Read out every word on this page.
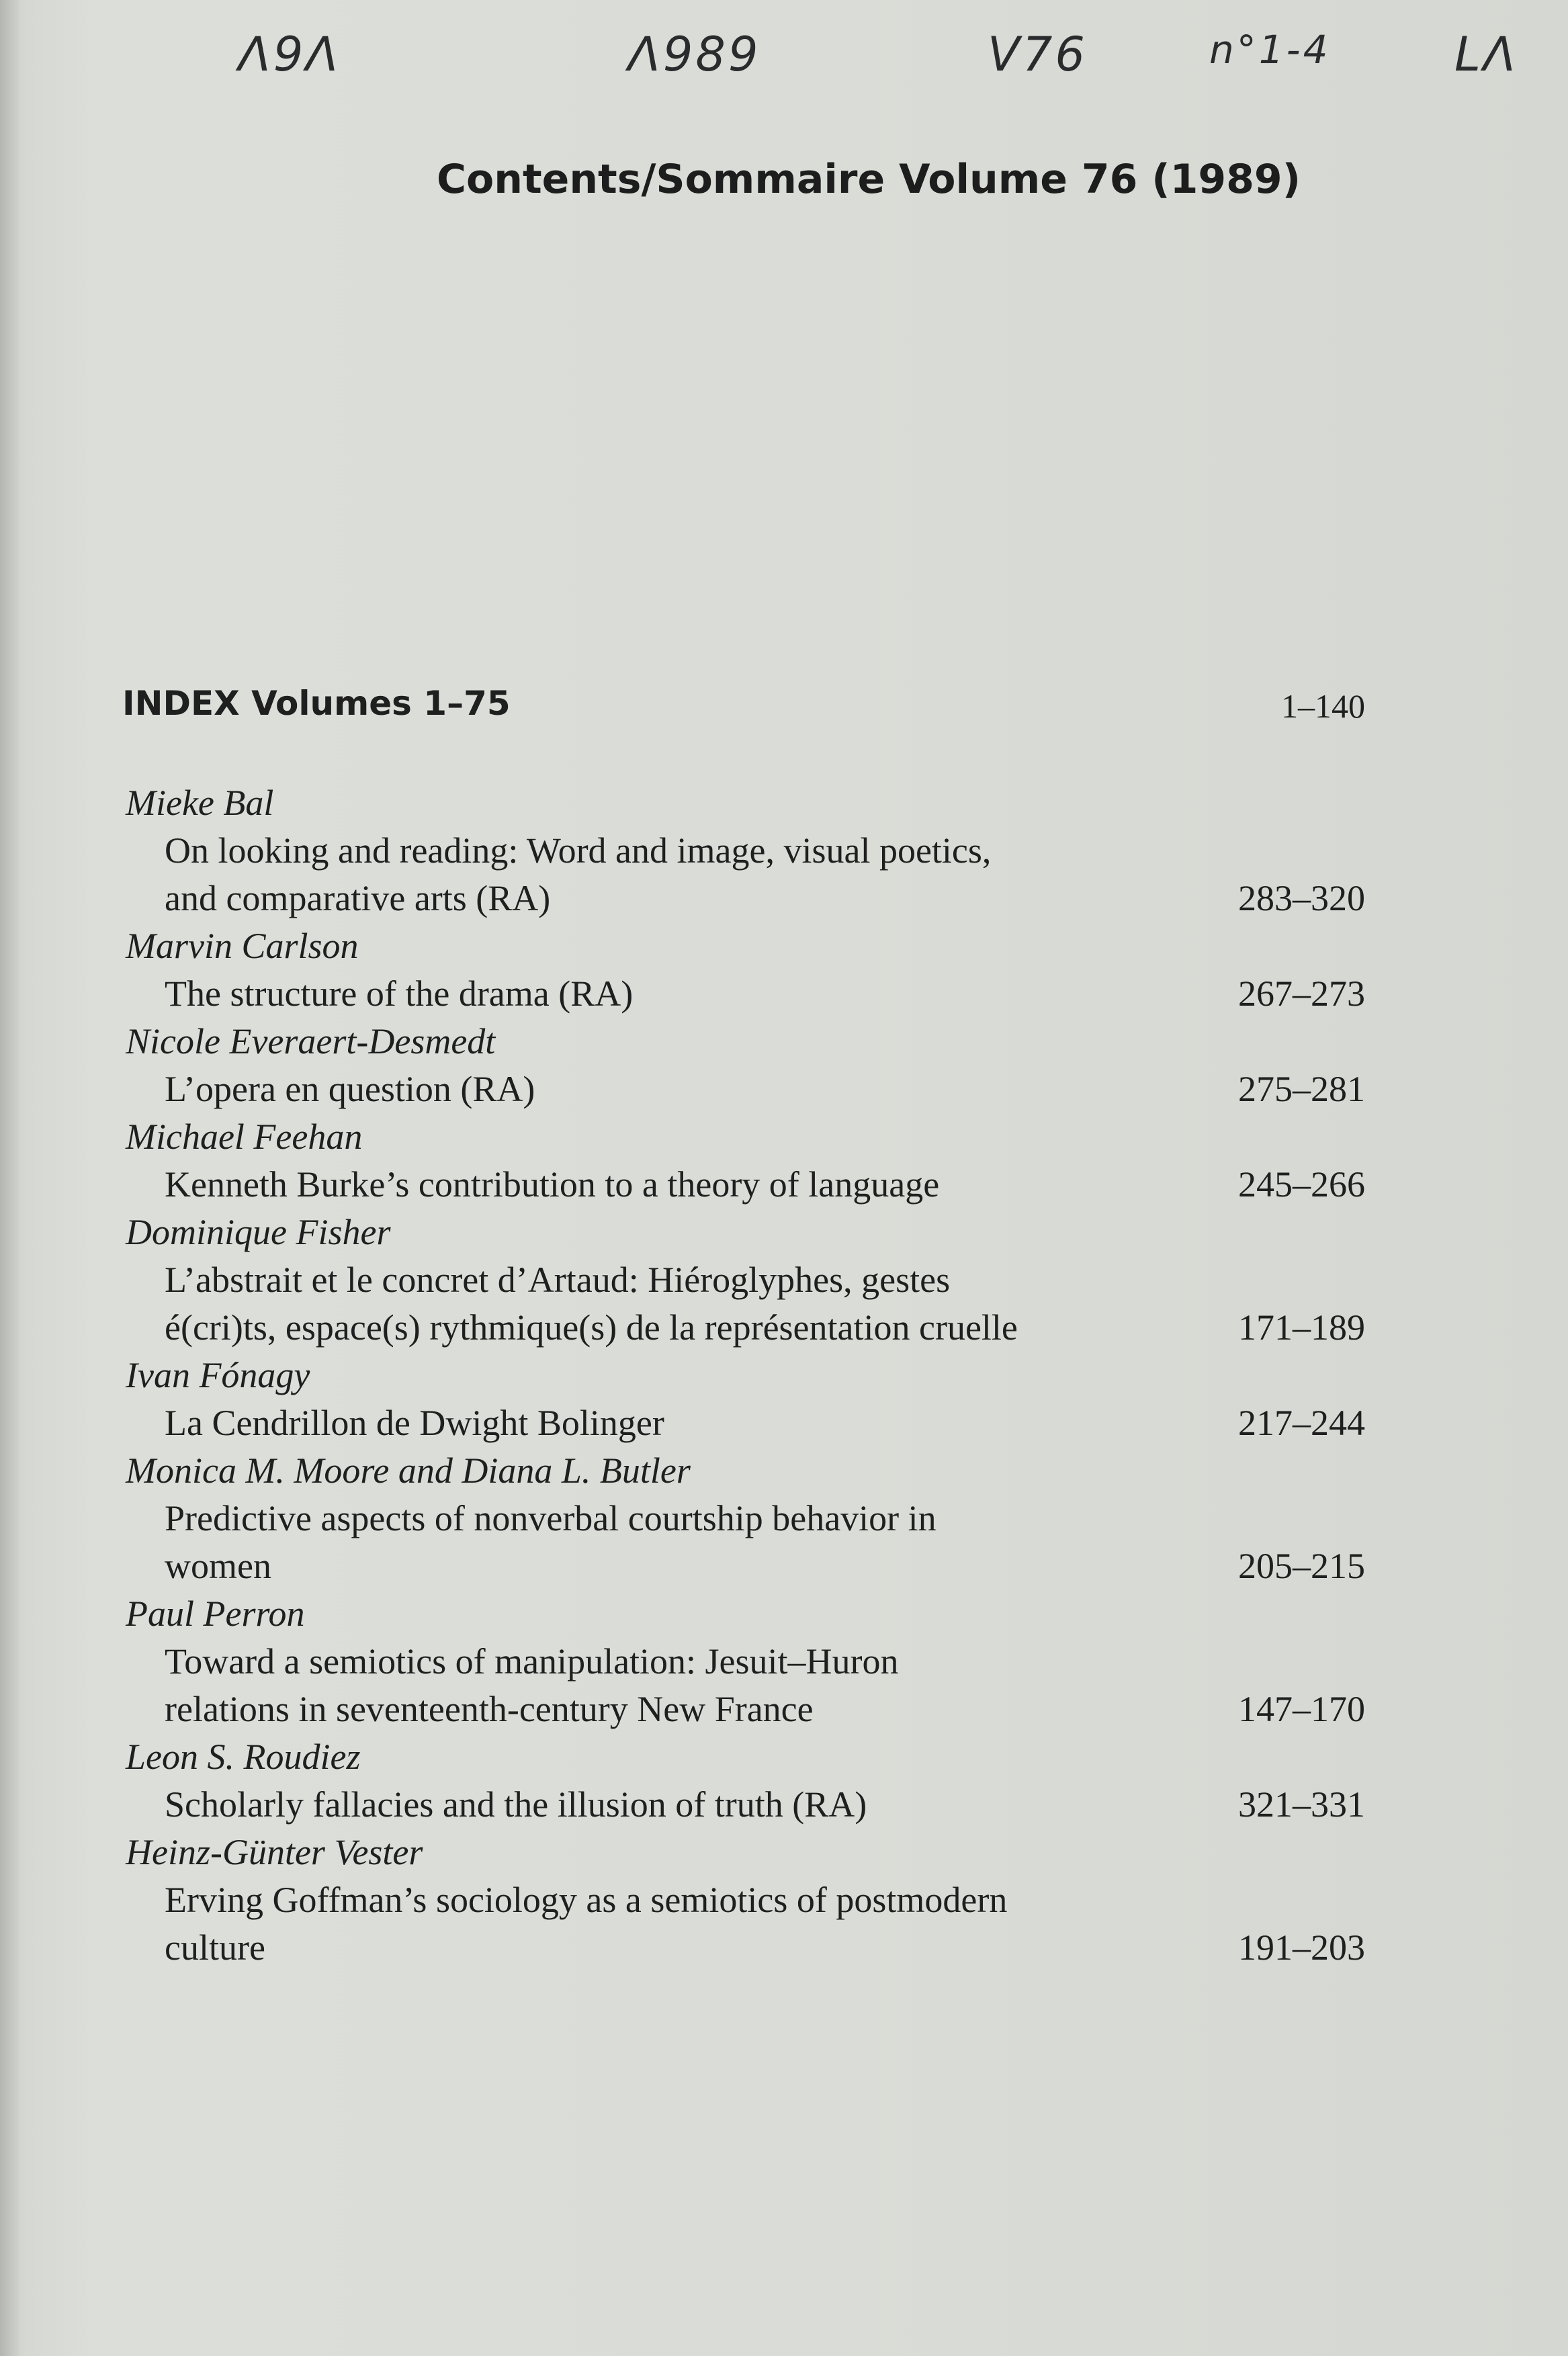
Λ9Λ	Λ989	V76	n°1-4	LΛ
Contents/Sommaire Volume 76 (1989)
INDEX Volumes 1–75	1–140
Mieke Bal
On looking and reading: Word and image, visual poetics,
and comparative arts (RA)	283–320
Marvin Carlson
The structure of the drama (RA)	267–273
Nicole Everaert-Desmedt
L’opera en question (RA)	275–281
Michael Feehan
Kenneth Burke’s contribution to a theory of language	245–266
Dominique Fisher
L’abstrait et le concret d’Artaud: Hiéroglyphes, gestes
é(cri)ts, espace(s) rythmique(s) de la représentation cruelle	171–189
Ivan Fónagy
La Cendrillon de Dwight Bolinger	217–244
Monica M. Moore and Diana L. Butler
Predictive aspects of nonverbal courtship behavior in
women	205–215
Paul Perron
Toward a semiotics of manipulation: Jesuit–Huron
relations in seventeenth-century New France	147–170
Leon S. Roudiez
Scholarly fallacies and the illusion of truth (RA)	321–331
Heinz-Günter Vester
Erving Goffman’s sociology as a semiotics of postmodern
culture	191–203
